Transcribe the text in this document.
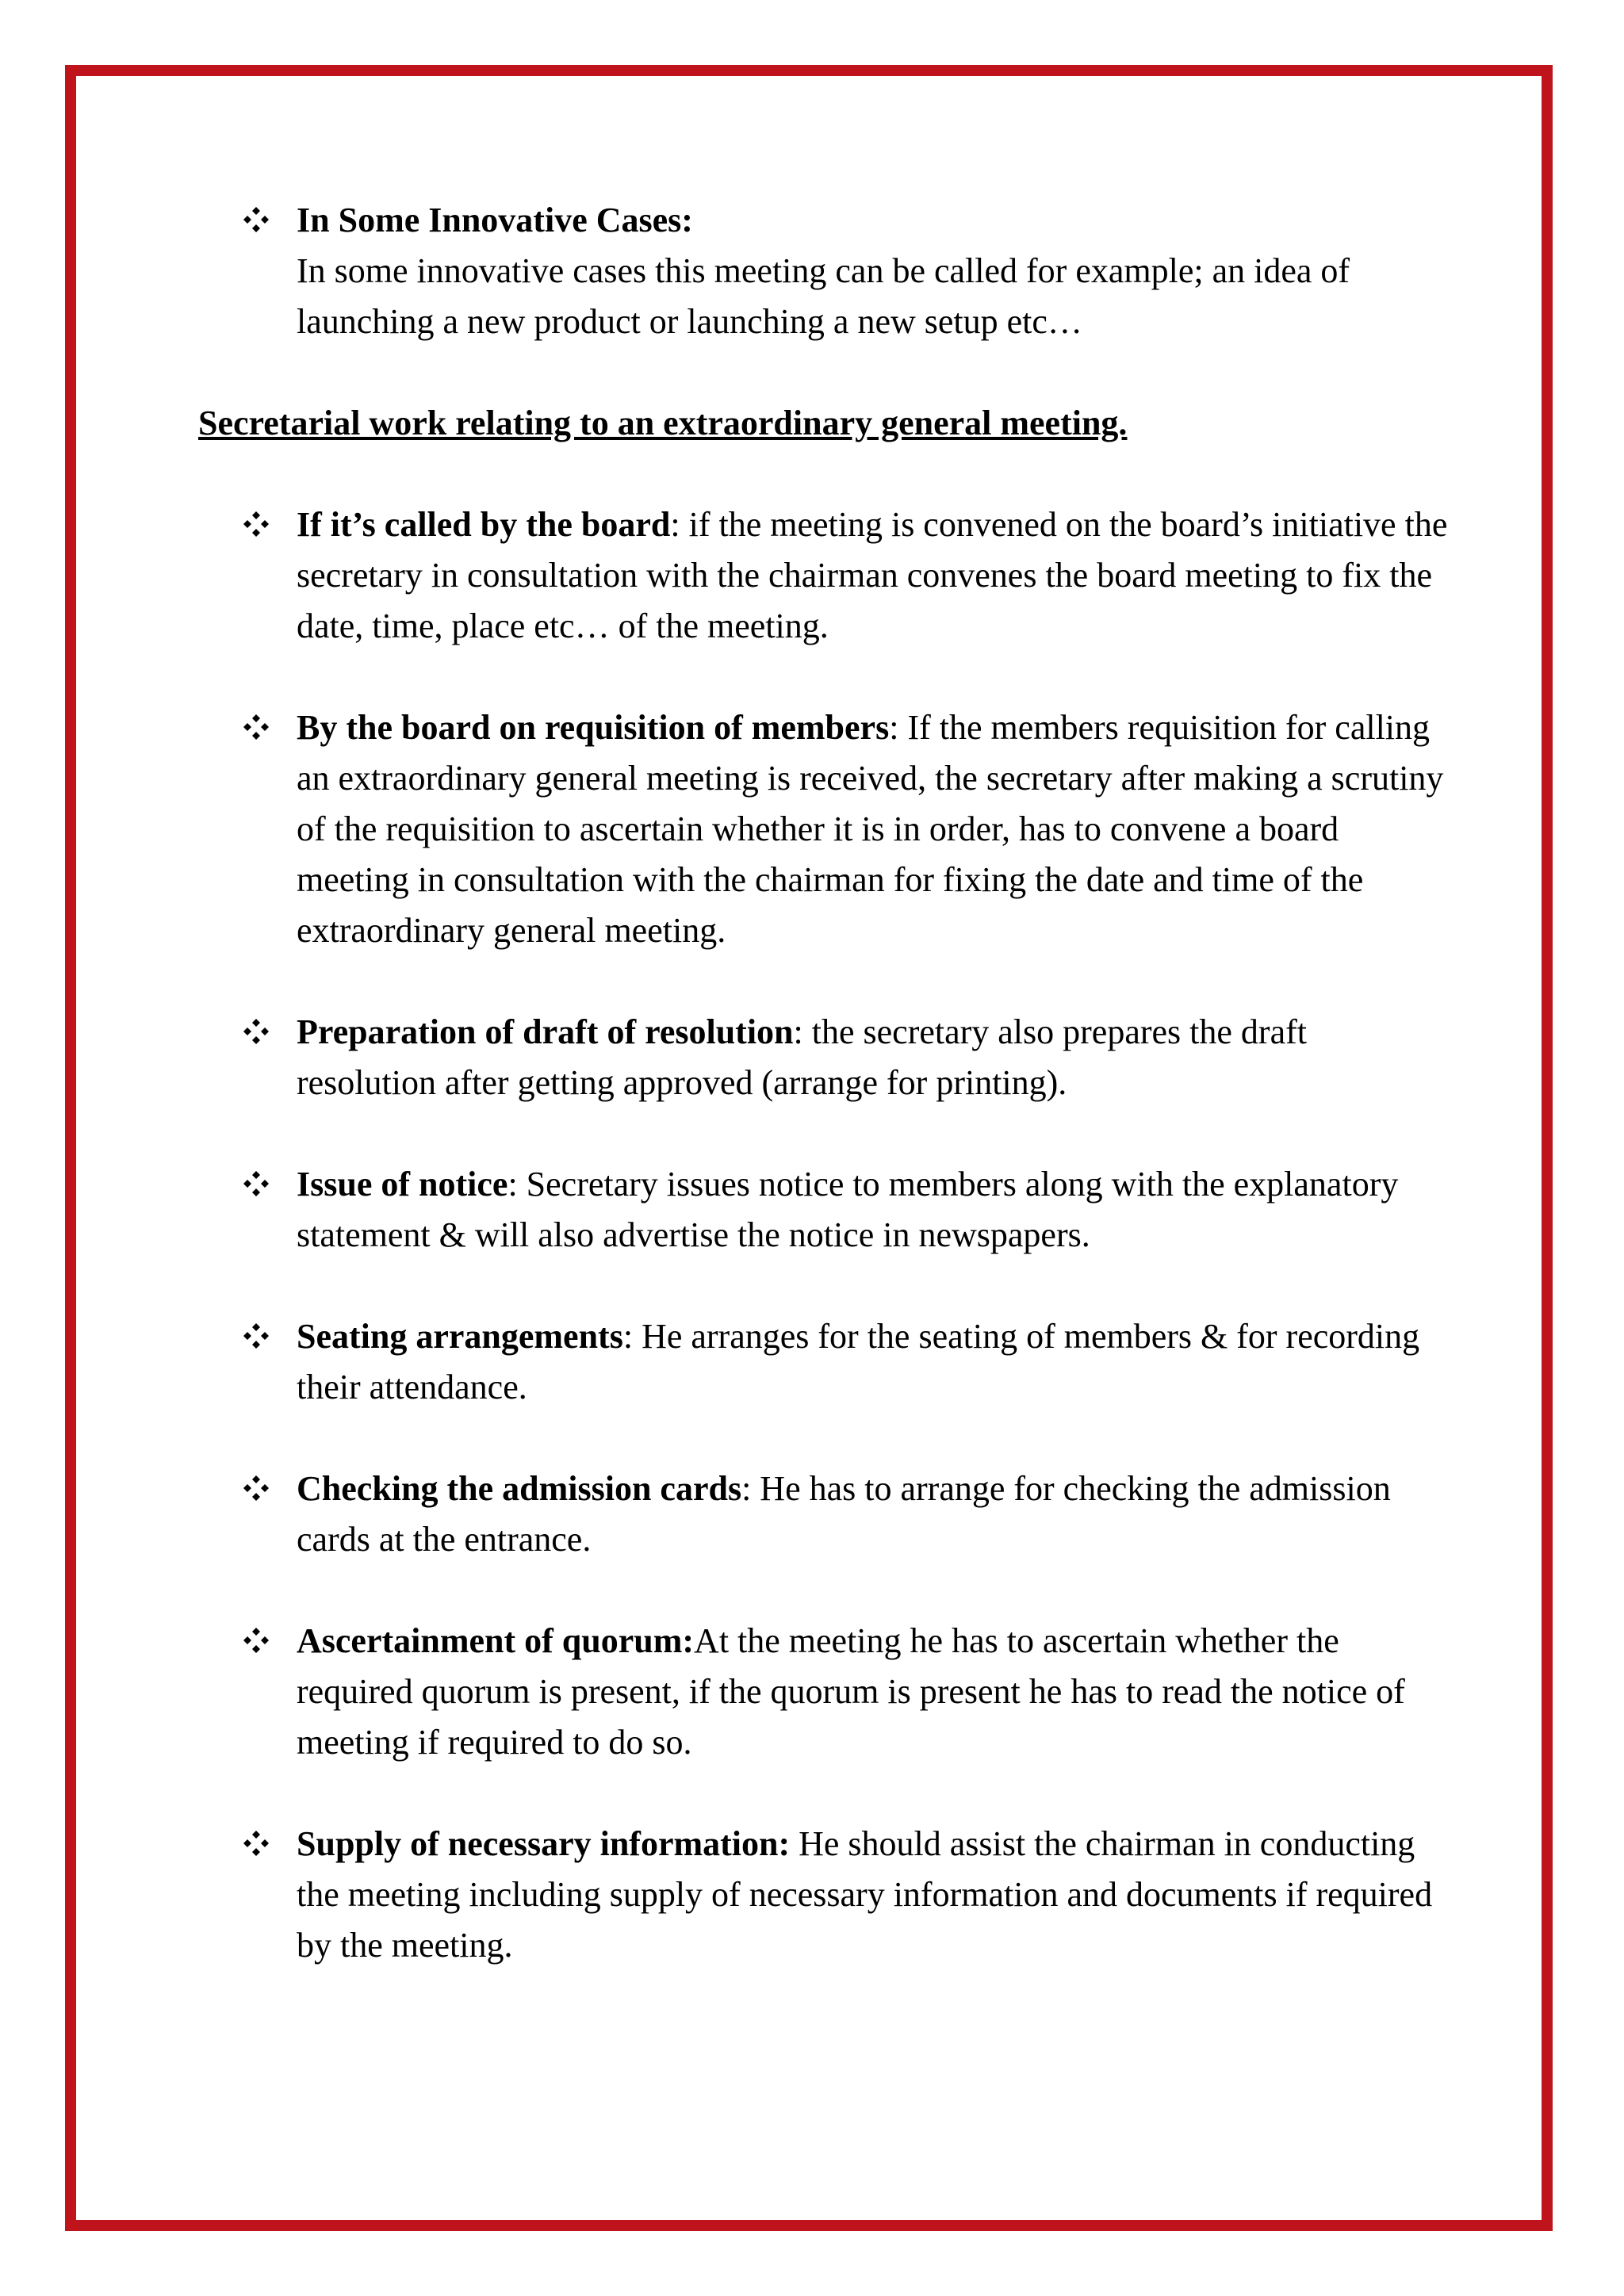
In Some Innovative Cases:

In some innovative cases this meeting can be called for example; an idea of launching a new product or launching a new setup etc…

Secretarial work relating to an extraordinary general meeting.

If it’s called by the board: if the meeting is convened on the board’s initiative the secretary in consultation with the chairman convenes the board meeting to fix the date, time, place etc… of the meeting.

By the board on requisition of members: If the members requisition for calling an extraordinary general meeting is received, the secretary after making a scrutiny of the requisition to ascertain whether it is in order, has to convene a board meeting in consultation with the chairman for fixing the date and time of the extraordinary general meeting.

Preparation of draft of resolution: the secretary also prepares the draft resolution after getting approved (arrange for printing).

Issue of notice: Secretary issues notice to members along with the explanatory statement & will also advertise the notice in newspapers.

Seating arrangements: He arranges for the seating of members & for recording their attendance.

Checking the admission cards: He has to arrange for checking the admission cards at the entrance.

Ascertainment of quorum:At the meeting he has to ascertain whether the required quorum is present, if the quorum is present he has to read the notice of meeting if required to do so.

Supply of necessary information: He should assist the chairman in conducting the meeting including supply of necessary information and documents if required by the meeting.
